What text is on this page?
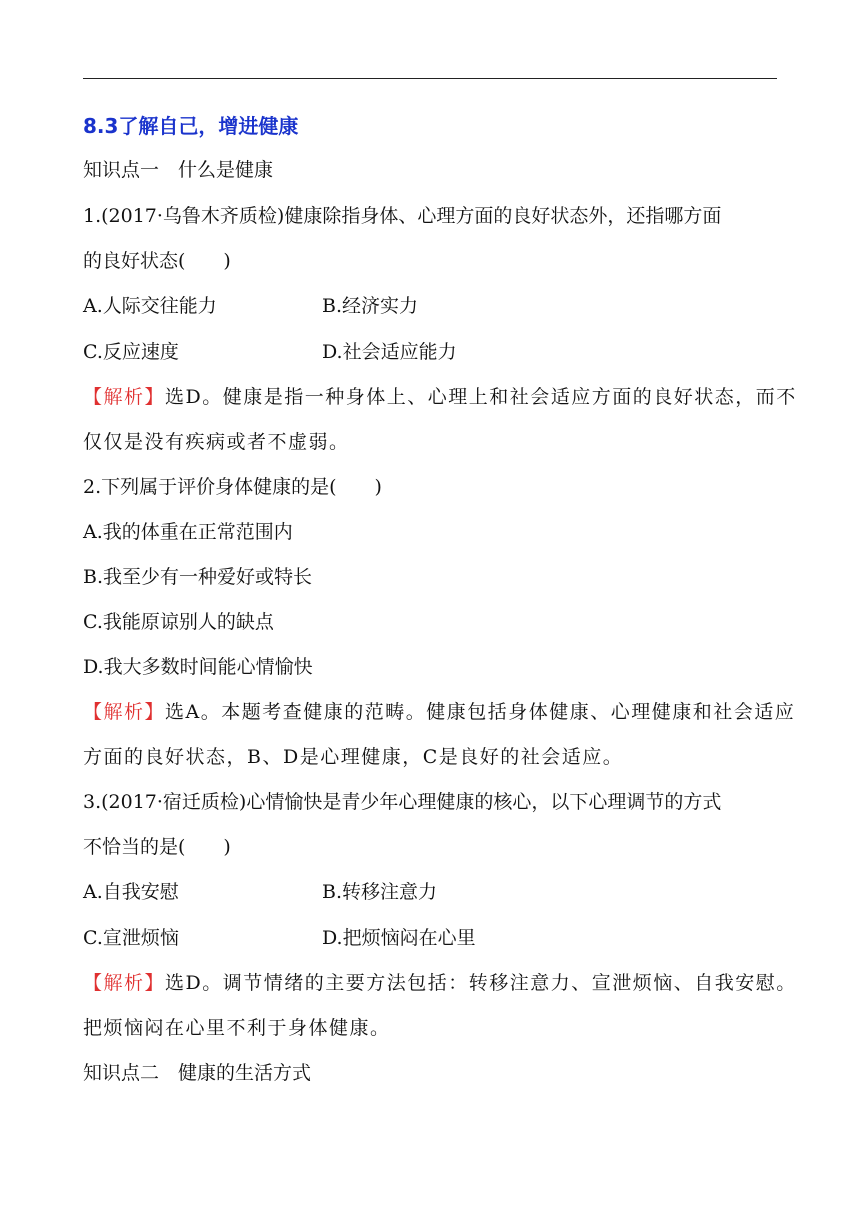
8.3了解自己，增进健康
知识点一　什么是健康
1.(2017·乌鲁木齐质检)健康除指身体、心理方面的良好状态外，还指哪方面
的良好状态(　　)
A.人际交往能力	B.经济实力
C.反应速度	D.社会适应能力
【解析】选D。健康是指一种身体上、心理上和社会适应方面的良好状态，而不
仅仅是没有疾病或者不虚弱。
2.下列属于评价身体健康的是(　　)
A.我的体重在正常范围内
B.我至少有一种爱好或特长
C.我能原谅别人的缺点
D.我大多数时间能心情愉快
【解析】选A。本题考查健康的范畴。健康包括身体健康、心理健康和社会适应
方面的良好状态，B、D是心理健康，C是良好的社会适应。
3.(2017·宿迁质检)心情愉快是青少年心理健康的核心，以下心理调节的方式
不恰当的是(　　)
A.自我安慰	B.转移注意力
C.宣泄烦恼	D.把烦恼闷在心里
【解析】选D。调节情绪的主要方法包括：转移注意力、宣泄烦恼、自我安慰。
把烦恼闷在心里不利于身体健康。
知识点二　健康的生活方式
